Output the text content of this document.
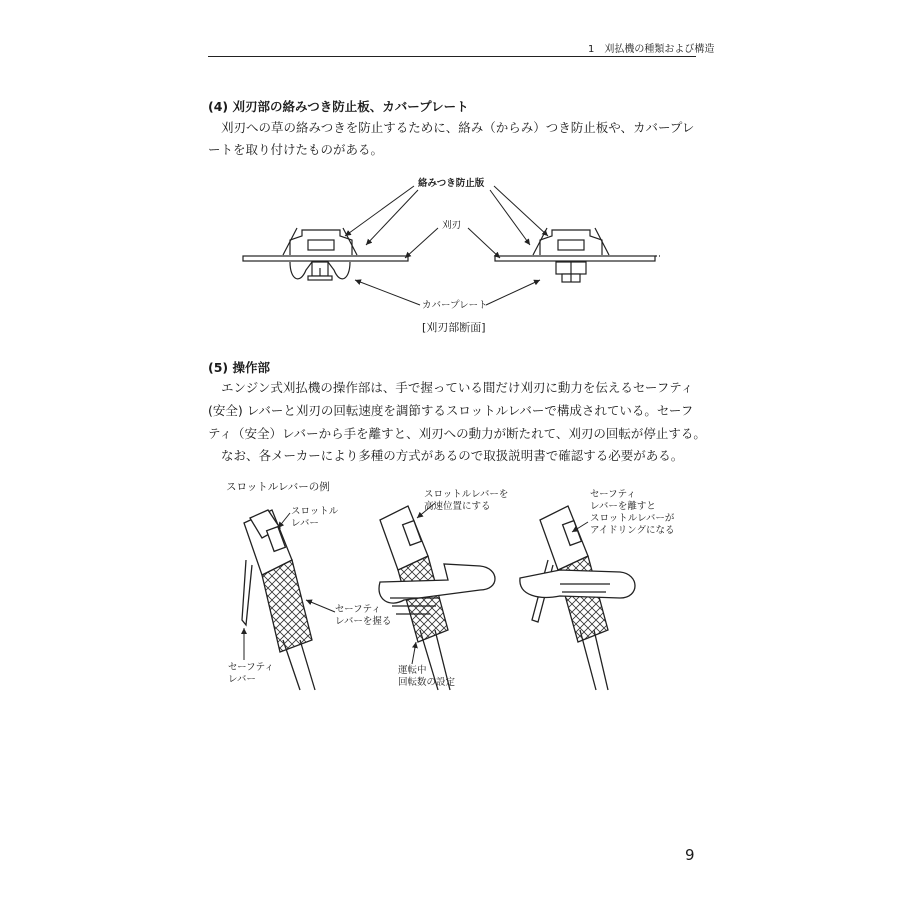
1　刈払機の種類および構造
(4) 刈刃部の絡みつき防止板、カバープレート
刈刃への草の絡みつきを防止するために、絡み（からみ）つき防止板や、カバープレ
ートを取り付けたものがある。
絡みつき防止版
刈刃
カバープレート
[刈刃部断面]
(5) 操作部
エンジン式刈払機の操作部は、手で握っている間だけ刈刃に動力を伝えるセーフティ
(安全) レバーと刈刃の回転速度を調節するスロットルレバーで構成されている。セーフ
ティ（安全）レバーから手を離すと、刈刃への動力が断たれて、刈刃の回転が停止する。
なお、各メーカーにより多種の方式があるので取扱説明書で確認する必要がある。
スロットルレバーの例
スロットル
レバー
セーフティ
レバーを握る
セーフティ
レバー
スロットルレバーを
高速位置にする
運転中
回転数の設定
セーフティ
レバーを離すと
スロットルレバーが
アイドリングになる
9
